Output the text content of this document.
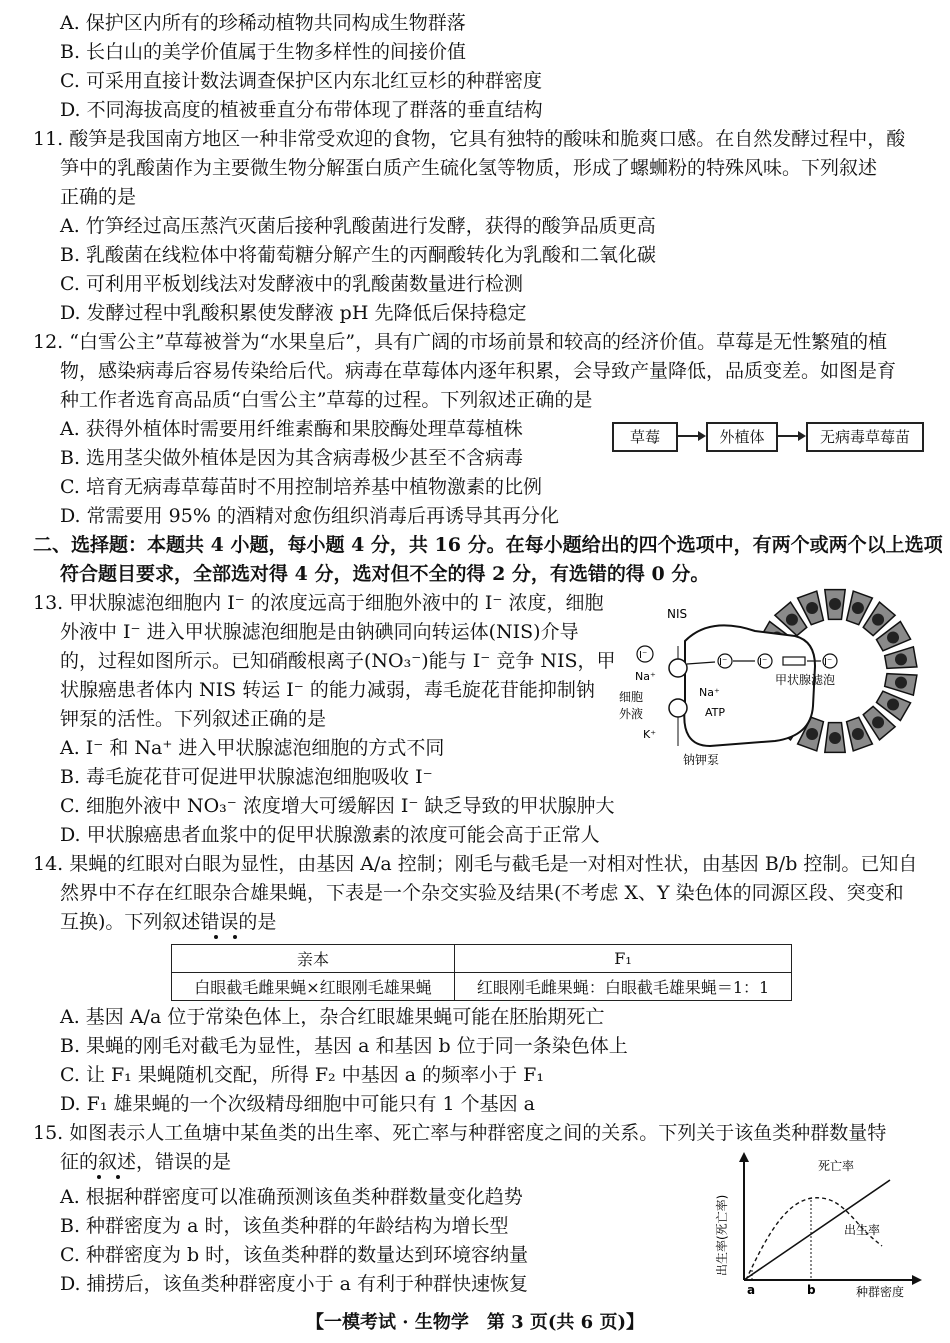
A. 保护区内所有的珍稀动植物共同构成生物群落
B. 长白山的美学价值属于生物多样性的间接价值
C. 可采用直接计数法调查保护区内东北红豆杉的种群密度
D. 不同海拔高度的植被垂直分布带体现了群落的垂直结构
11. 酸笋是我国南方地区一种非常受欢迎的食物，它具有独特的酸味和脆爽口感。在自然发酵过程中，酸
笋中的乳酸菌作为主要微生物分解蛋白质产生硫化氢等物质，形成了螺蛳粉的特殊风味。下列叙述
正确的是
A. 竹笋经过高压蒸汽灭菌后接种乳酸菌进行发酵，获得的酸笋品质更高
B. 乳酸菌在线粒体中将葡萄糖分解产生的丙酮酸转化为乳酸和二氧化碳
C. 可利用平板划线法对发酵液中的乳酸菌数量进行检测
D. 发酵过程中乳酸积累使发酵液 pH 先降低后保持稳定
12. “白雪公主”草莓被誉为“水果皇后”，具有广阔的市场前景和较高的经济价值。草莓是无性繁殖的植
物，感染病毒后容易传染给后代。病毒在草莓体内逐年积累，会导致产量降低，品质变差。如图是育
种工作者选育高品质“白雪公主”草莓的过程。下列叙述正确的是
A. 获得外植体时需要用纤维素酶和果胶酶处理草莓植株
B. 选用茎尖做外植体是因为其含病毒极少甚至不含病毒
C. 培育无病毒草莓苗时不用控制培养基中植物激素的比例
D. 常需要用 95% 的酒精对愈伤组织消毒后再诱导其再分化
草莓	外植体	无病毒草莓苗
二、选择题：本题共 4 小题，每小题 4 分，共 16 分。在每小题给出的四个选项中，有两个或两个以上选项
符合题目要求，全部选对得 4 分，选对但不全的得 2 分，有选错的得 0 分。
13. 甲状腺滤泡细胞内 I⁻ 的浓度远高于细胞外液中的 I⁻ 浓度，细胞
外液中 I⁻ 进入甲状腺滤泡细胞是由钠碘同向转运体(NIS)介导
的，过程如图所示。已知硝酸根离子(NO₃⁻)能与 I⁻ 竞争 NIS，甲
状腺癌患者体内 NIS 转运 I⁻ 的能力减弱，毒毛旋花苷能抑制钠
钾泵的活性。下列叙述正确的是
A. I⁻ 和 Na⁺ 进入甲状腺滤泡细胞的方式不同
B. 毒毛旋花苷可促进甲状腺滤泡细胞吸收 I⁻
C. 细胞外液中 NO₃⁻ 浓度增大可缓解因 I⁻ 缺乏导致的甲状腺肿大
D. 甲状腺癌患者血浆中的促甲状腺激素的浓度可能会高于正常人
NIS
I⁻
I⁻	I⁻	I⁻
Na⁺
Na⁺
ATP
K⁺
细胞
外液
甲状腺滤泡
钠钾泵
14. 果蝇的红眼对白眼为显性，由基因 A/a 控制；刚毛与截毛是一对相对性状，由基因 B/b 控制。已知自
然界中不存在红眼杂合雄果蝇，下表是一个杂交实验及结果(不考虑 X、Y 染色体的同源区段、突变和
互换)。下列叙述错误的是
亲本	F₁
白眼截毛雌果蝇×红眼刚毛雄果蝇	红眼刚毛雌果蝇：白眼截毛雄果蝇＝1：1
A. 基因 A/a 位于常染色体上，杂合红眼雄果蝇可能在胚胎期死亡
B. 果蝇的刚毛对截毛为显性，基因 a 和基因 b 位于同一条染色体上
C. 让 F₁ 果蝇随机交配，所得 F₂ 中基因 a 的频率小于 F₁
D. F₁ 雄果蝇的一个次级精母细胞中可能只有 1 个基因 a
15. 如图表示人工鱼塘中某鱼类的出生率、死亡率与种群密度之间的关系。下列关于该鱼类种群数量特
征的叙述，错误的是
A. 根据种群密度可以准确预测该鱼类种群数量变化趋势
B. 种群密度为 a 时，该鱼类种群的年龄结构为增长型
C. 种群密度为 b 时，该鱼类种群的数量达到环境容纳量
D. 捕捞后，该鱼类种群密度小于 a 有利于种群快速恢复	a	b	种群密度
出生率(死亡率)
死亡率
出生率
【一模考试 · 生物学　第 3 页(共 6 页)】
